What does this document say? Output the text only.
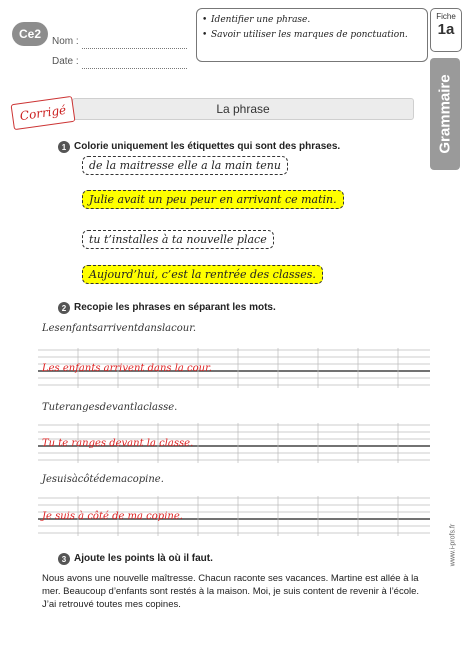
Ce2
Nom :
Date :
• Identifier une phrase.
• Savoir utiliser les marques de ponctuation.
Fiche
1a
Grammaire
La phrase
Corrigé
1 Colorie uniquement les étiquettes qui sont des phrases.
de la maitresse elle a la main tenu
Julie avait un peu peur en arrivant ce matin.
tu t’installes à ta nouvelle place
Aujourd’hui, c’est la rentrée des classes.
2 Recopie les phrases en séparant les mots.
Lesenfantsarriventdanslacour.
Les enfants arrivent dans la cour.
Tuterangesdevantlaclasse.
Tu te ranges devant la classe.
Jesuisàcôtédemacopine.
Je suis à côté de ma copine.
3 Ajoute les points là où il faut.
Nous avons une nouvelle maîtresse. Chacun raconte ses vacances. Martine est allée à la mer. Beaucoup d’enfants sont restés à la maison. Moi, je suis content de revenir à l’école. J’ai retrouvé toutes mes copines.
www.i-profs.fr
